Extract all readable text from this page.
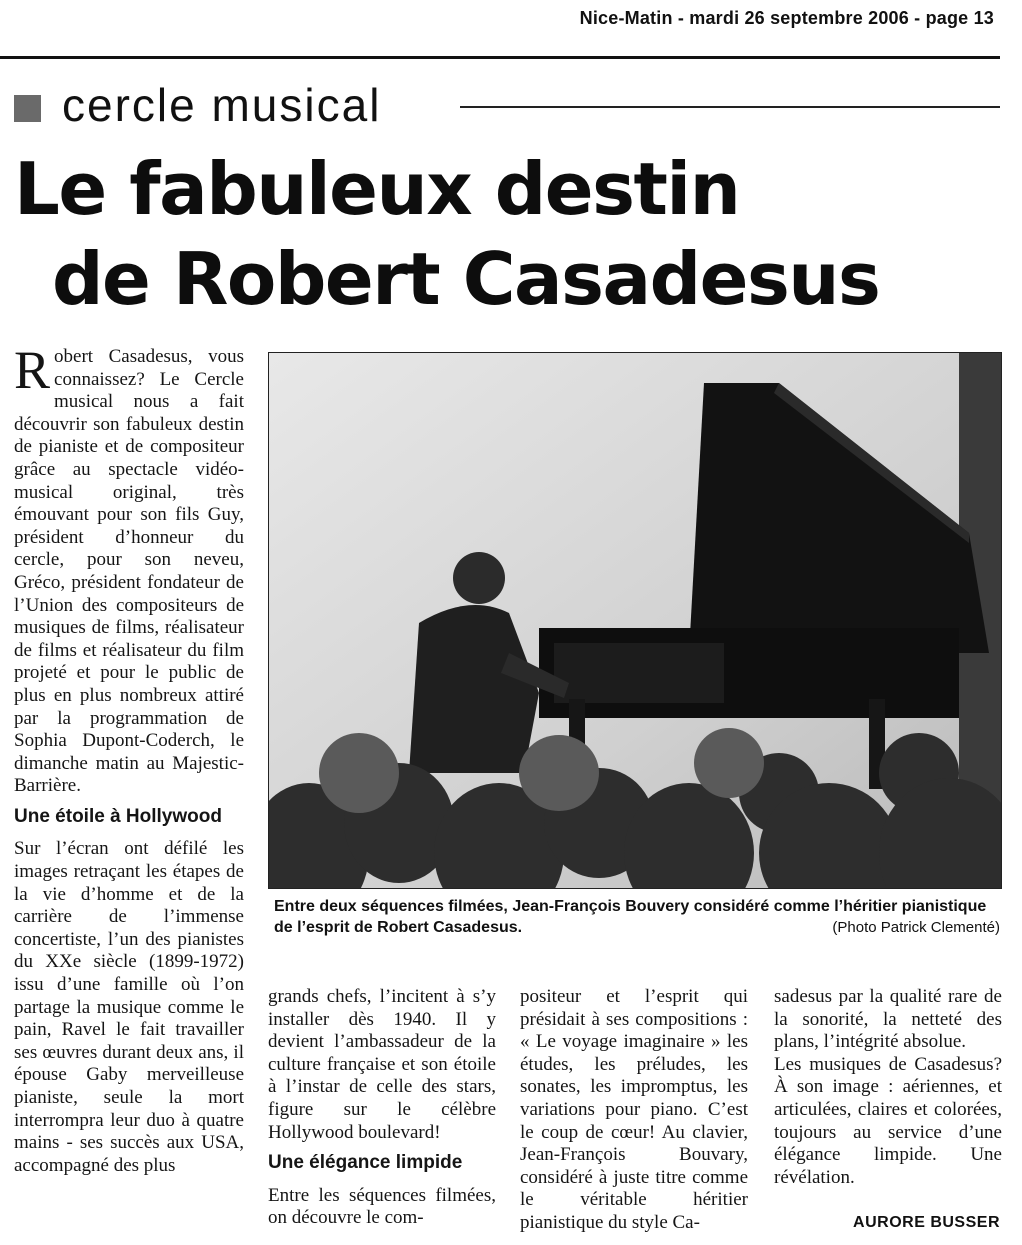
Nice-Matin - mardi 26 septembre 2006 - page 13
cercle musical
Le fabuleux destin
de Robert Casadesus

Robert Casadesus, vous connaissez? Le Cercle musical nous a fait découvrir son fabuleux destin de pianiste et de compositeur grâce au spectacle vidéo-musical original, très émouvant pour son fils Guy, président d’honneur du cercle, pour son neveu, Gréco, président fondateur de l’Union des compositeurs de musiques de films, réalisateur de films et réalisateur du film projeté et pour le public de plus en plus nombreux attiré par la programmation de Sophia Dupont-Coderch, le dimanche matin au Majestic-Barrière.

Une étoile à Hollywood

Sur l’écran ont défilé les images retraçant les étapes de la vie d’homme et de la carrière de l’immense concertiste, l’un des pianistes du XXe siècle (1899-1972) issu d’une famille où l’on partage la musique comme le pain, Ravel le fait travailler ses œuvres durant deux ans, il épouse Gaby merveilleuse pianiste, seule la mort interrompra leur duo à quatre mains - ses succès aux USA, accompagné des plus

Entre deux séquences filmées, Jean-François Bouvery considéré comme l’héritier pianistique de l’esprit de Robert Casadesus.	(Photo Patrick Clementé)

grands chefs, l’incitent à s’y installer dès 1940. Il y devient l’ambassadeur de la culture française et son étoile à l’instar de celle des stars, figure sur le célèbre Hollywood boulevard!

Une élégance limpide

Entre les séquences filmées, on découvre le com-

positeur et l’esprit qui présidait à ses compositions : « Le voyage imaginaire » les études, les préludes, les sonates, les impromptus, les variations pour piano. C’est le coup de cœur! Au clavier, Jean-François Bouvary, considéré à juste titre comme le véritable héritier pianistique du style Ca-

sadesus par la qualité rare de la sonorité, la netteté des plans, l’intégrité absolue.

Les musiques de Casadesus? À son image : aériennes, et articulées, claires et colorées, toujours au service d’une élégance limpide. Une révélation.

AURORE BUSSER
